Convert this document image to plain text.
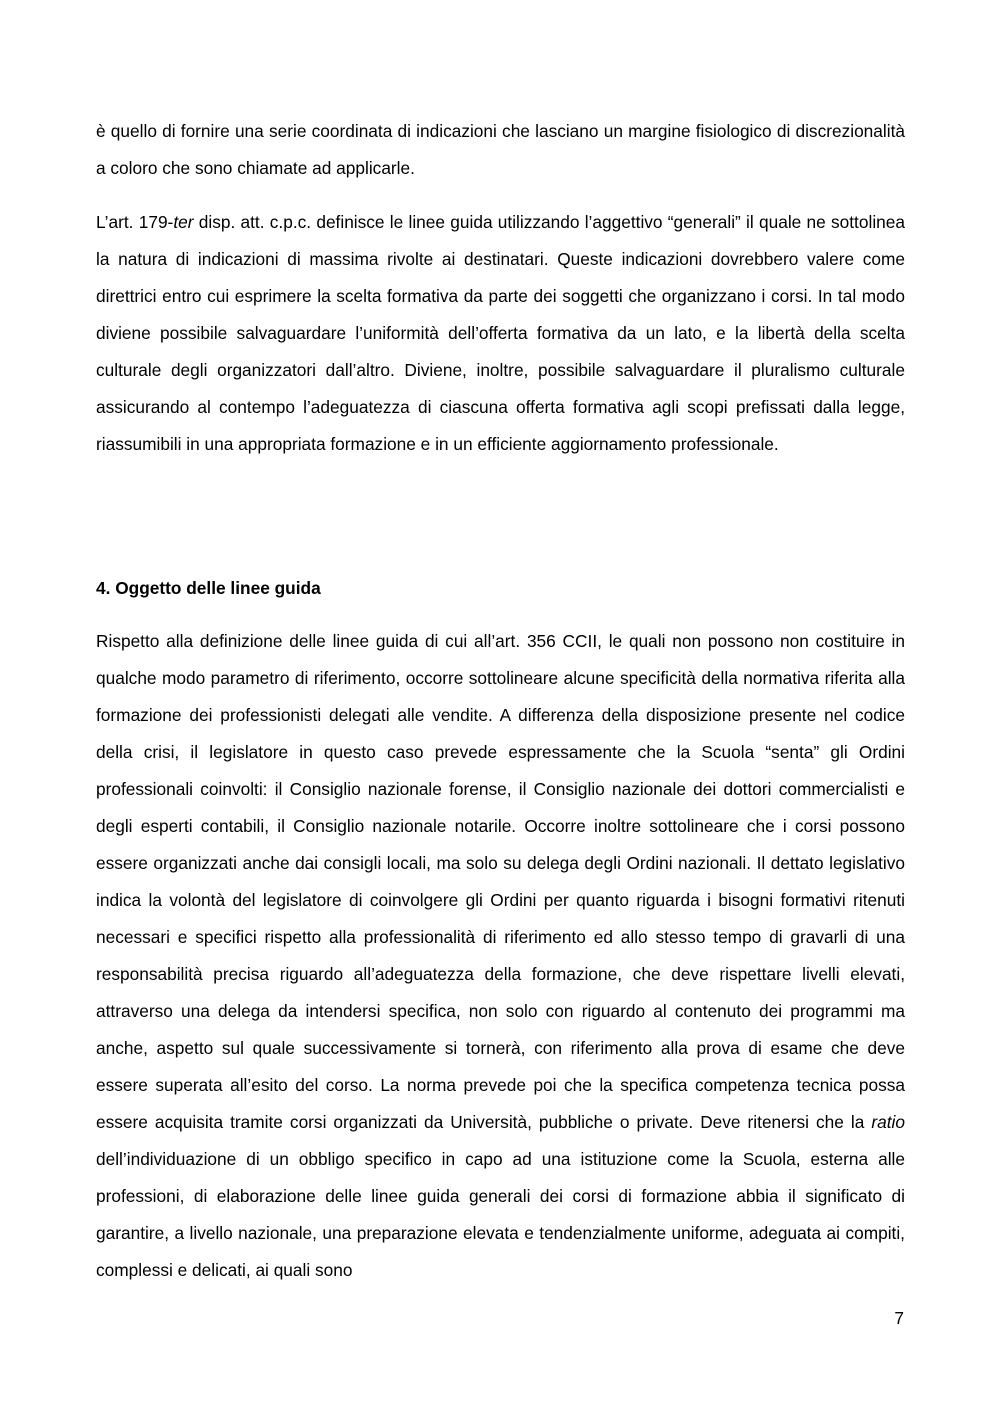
è quello di fornire una serie coordinata di indicazioni che lasciano un margine fisiologico di discrezionalità a coloro che sono chiamate ad applicarle.

L’art. 179-ter disp. att. c.p.c. definisce le linee guida utilizzando l’aggettivo “generali” il quale ne sottolinea la natura di indicazioni di massima rivolte ai destinatari. Queste indicazioni dovrebbero valere come direttrici entro cui esprimere la scelta formativa da parte dei soggetti che organizzano i corsi. In tal modo diviene possibile salvaguardare l’uniformità dell’offerta formativa da un lato, e la libertà della scelta culturale degli organizzatori dall’altro. Diviene, inoltre, possibile salvaguardare il pluralismo culturale assicurando al contempo l’adeguatezza di ciascuna offerta formativa agli scopi prefissati dalla legge, riassumibili in una appropriata formazione e in un efficiente aggiornamento professionale.

4. Oggetto delle linee guida

Rispetto alla definizione delle linee guida di cui all’art. 356 CCII, le quali non possono non costituire in qualche modo parametro di riferimento, occorre sottolineare alcune specificità della normativa riferita alla formazione dei professionisti delegati alle vendite. A differenza della disposizione presente nel codice della crisi, il legislatore in questo caso prevede espressamente che la Scuola “senta” gli Ordini professionali coinvolti: il Consiglio nazionale forense, il Consiglio nazionale dei dottori commercialisti e degli esperti contabili, il Consiglio nazionale notarile. Occorre inoltre sottolineare che i corsi possono essere organizzati anche dai consigli locali, ma solo su delega degli Ordini nazionali. Il dettato legislativo indica la volontà del legislatore di coinvolgere gli Ordini per quanto riguarda i bisogni formativi ritenuti necessari e specifici rispetto alla professionalità di riferimento ed allo stesso tempo di gravarli di una responsabilità precisa riguardo all’adeguatezza della formazione, che deve rispettare livelli elevati, attraverso una delega da intendersi specifica, non solo con riguardo al contenuto dei programmi ma anche, aspetto sul quale successivamente si tornerà, con riferimento alla prova di esame che deve essere superata all’esito del corso. La norma prevede poi che la specifica competenza tecnica possa essere acquisita tramite corsi organizzati da Università, pubbliche o private. Deve ritenersi che la ratio dell’individuazione di un obbligo specifico in capo ad una istituzione come la Scuola, esterna alle professioni, di elaborazione delle linee guida generali dei corsi di formazione abbia il significato di garantire, a livello nazionale, una preparazione elevata e tendenzialmente uniforme, adeguata ai compiti, complessi e delicati, ai quali sono

7
